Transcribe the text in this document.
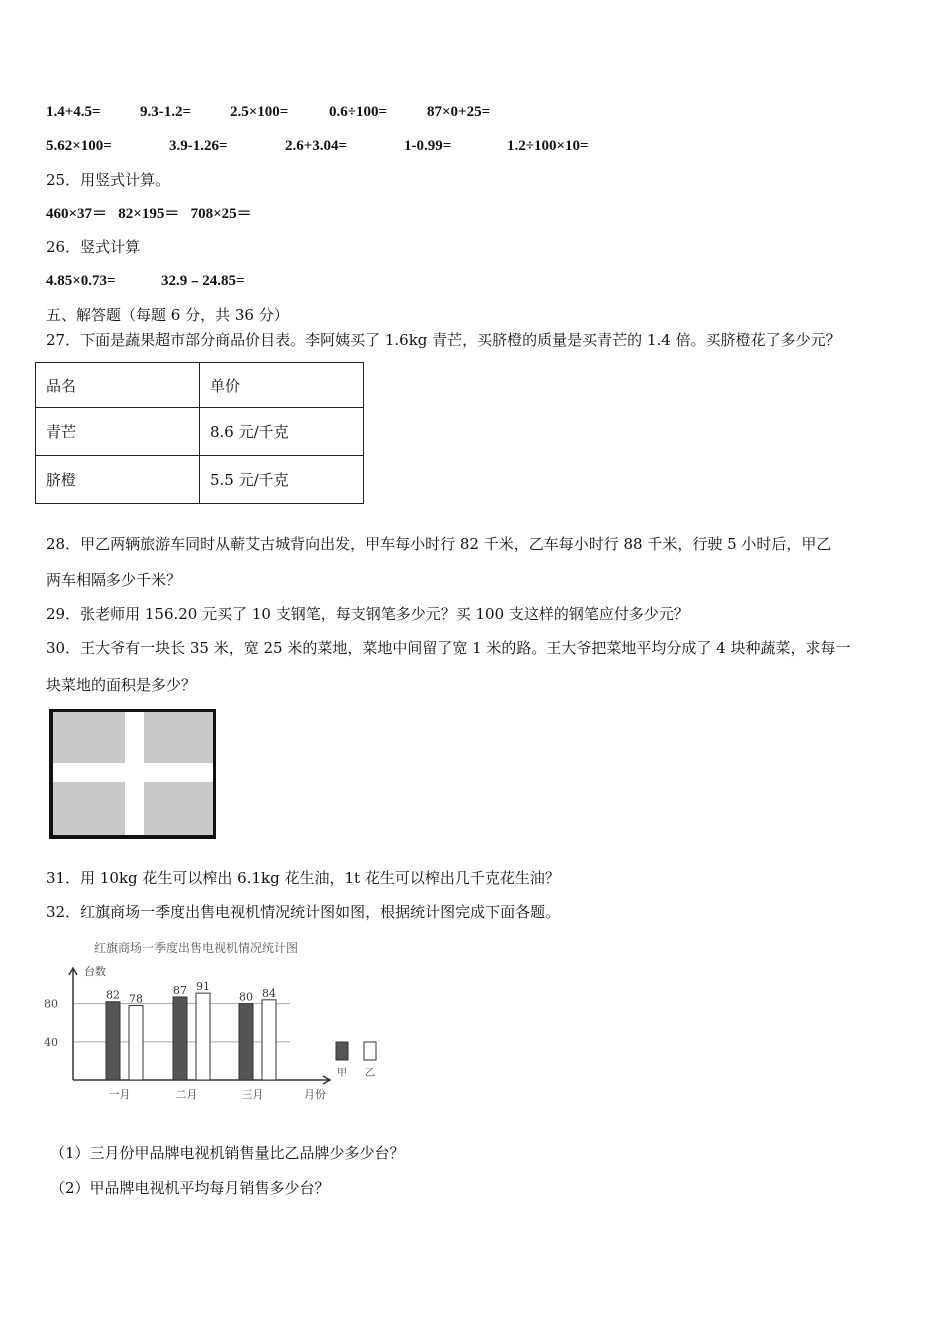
1.4+4.5=	9.3-1.2=	2.5×100=	0.6÷100=	87×0+25=
5.62×100=	3.9-1.26=	2.6+3.04=	1-0.99=	1.2÷100×10=
25．用竖式计算。
460×37＝   82×195＝   708×25＝
26．竖式计算
4.85×0.73=	32.9﹣24.85=
五、解答题（每题 6 分，共 36 分）
27．下面是蔬果超市部分商品价目表。李阿姨买了 1.6kg 青芒，买脐橙的质量是买青芒的 1.4 倍。买脐橙花了多少元？
品名	单价
青芒	8.6 元/千克
脐橙	5.5 元/千克
28．甲乙两辆旅游车同时从蕲艾古城背向出发，甲车每小时行 82 千米，乙车每小时行 88 千米，行驶 5 小时后，甲乙
两车相隔多少千米？
29．张老师用 156.20 元买了 10 支钢笔，每支钢笔多少元？买 100 支这样的钢笔应付多少元？
30．王大爷有一块长 35 米，宽 25 米的菜地，菜地中间留了宽 1 米的路。王大爷把菜地平均分成了 4 块种蔬菜，求每一
块菜地的面积是多少？
31．用 10kg 花生可以榨出 6.1kg 花生油，1t 花生可以榨出几千克花生油？
32．红旗商场一季度出售电视机情况统计图如图，根据统计图完成下面各题。
红旗商场一季度出售电视机情况统计图
台数
月份
40
80
82 78
一月
87 91
二月
80 84
三月
甲 乙
（1）三月份甲品牌电视机销售量比乙品牌少多少台？
（2）甲品牌电视机平均每月销售多少台？
